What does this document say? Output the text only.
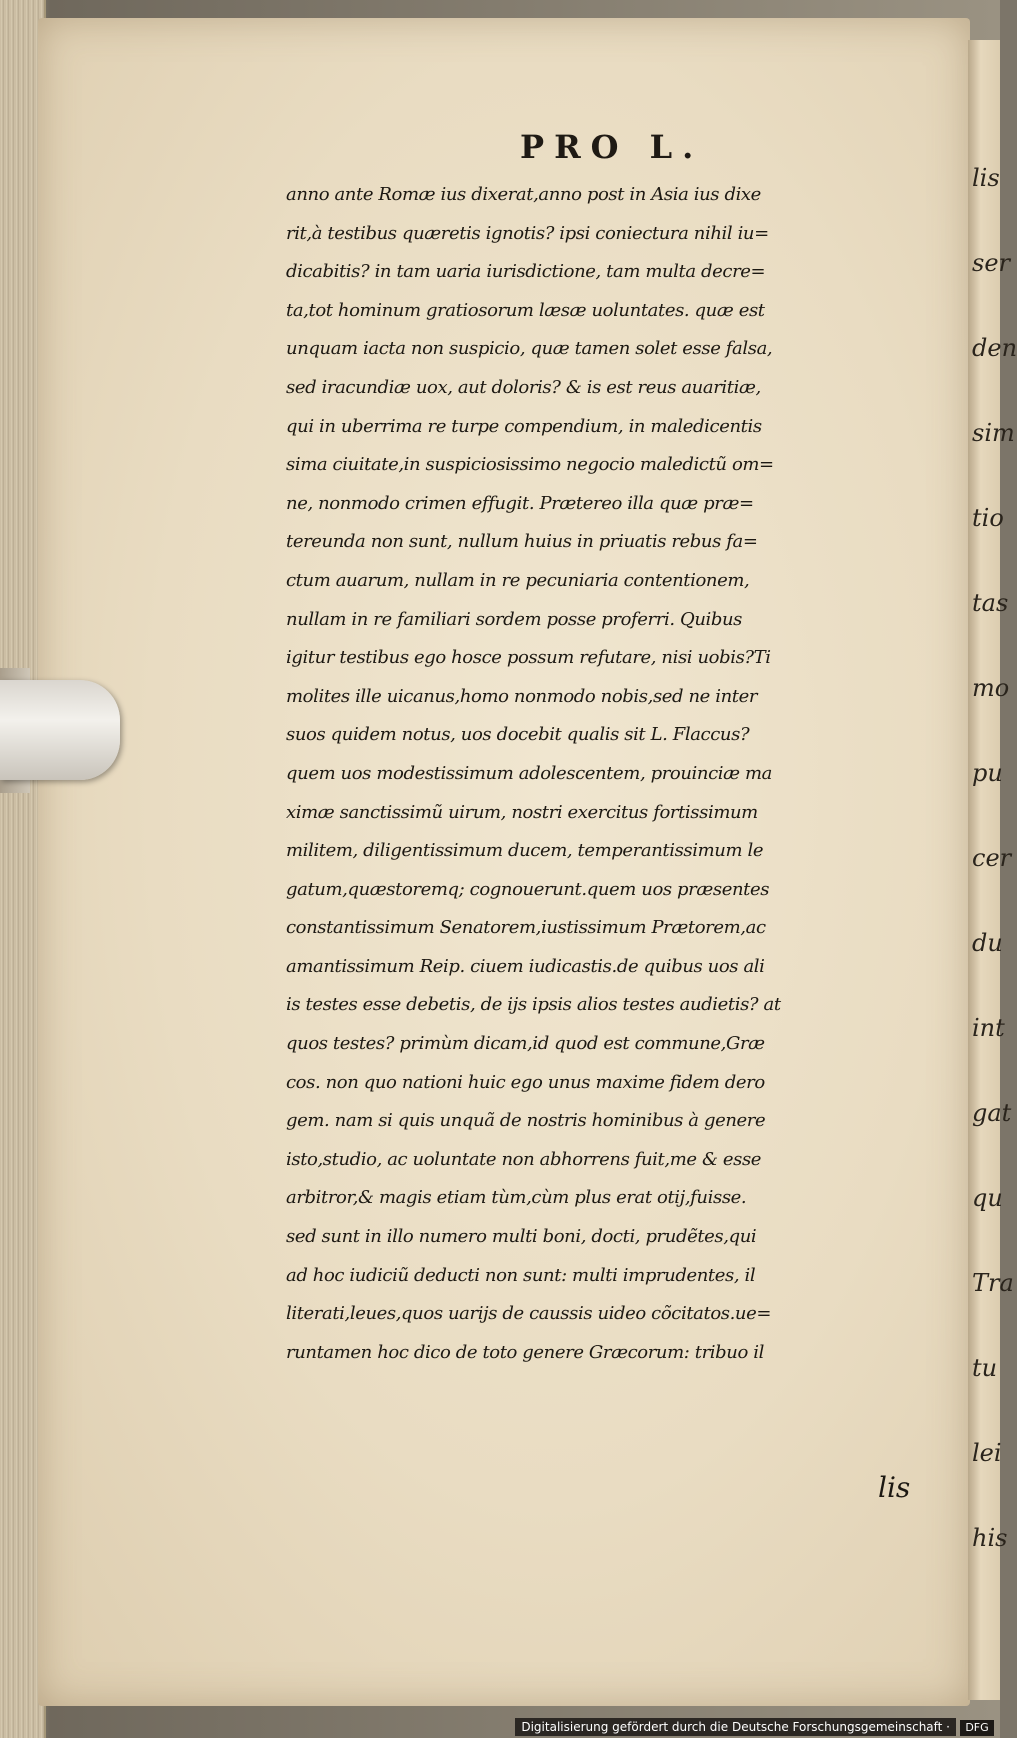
lis
ser
den
sim
tio
tas
mo
pu
cer
du
int
gat
qu
Tra
tu
lei
his
PRO L.
anno ante Romæ ius dixerat,anno post in Asia ius dixe
rit,à testibus quæretis ignotis? ipsi coniectura nihil iu=
dicabitis? in tam uaria iurisdictione, tam multa decre=
ta,tot hominum gratiosorum læsæ uoluntates. quæ est
unquam iacta non suspicio, quæ tamen solet esse falsa,
sed iracundiæ uox, aut doloris? & is est reus auaritiæ,
qui in uberrima re turpe compendium, in maledicentis
sima ciuitate,in suspiciosissimo negocio maledictũ om=
ne, nonmodo crimen effugit. Prætereo illa quæ præ=
tereunda non sunt, nullum huius in priuatis rebus fa=
ctum auarum, nullam in re pecuniaria contentionem,
nullam in re familiari sordem posse proferri. Quibus
igitur testibus ego hosce possum refutare, nisi uobis?Ti
molites ille uicanus,homo nonmodo nobis,sed ne inter
suos quidem notus, uos docebit qualis sit L. Flaccus?
quem uos modestissimum adolescentem, prouinciæ ma
ximæ sanctissimũ uirum, nostri exercitus fortissimum
militem, diligentissimum ducem, temperantissimum le
gatum,quæstoremq; cognouerunt.quem uos præsentes
constantissimum Senatorem,iustissimum Prætorem,ac
amantissimum Reip. ciuem iudicastis.de quibus uos ali
is testes esse debetis, de ijs ipsis alios testes audietis? at
quos testes? primùm dicam,id quod est commune,Græ
cos. non quo nationi huic ego unus maxime fidem dero
gem. nam si quis unquã de nostris hominibus à genere
isto,studio, ac uoluntate non abhorrens fuit,me & esse
arbitror,& magis etiam tùm,cùm plus erat otij,fuisse.
sed sunt in illo numero multi boni, docti, prudẽtes,qui
ad hoc iudiciũ deducti non sunt: multi imprudentes, il
literati,leues,quos uarijs de caussis uideo cõcitatos.ue=
runtamen hoc dico de toto genere Græcorum: tribuo il
lis
Digitalisierung gefördert durch die Deutsche Forschungsgemeinschaft ·	DFG
